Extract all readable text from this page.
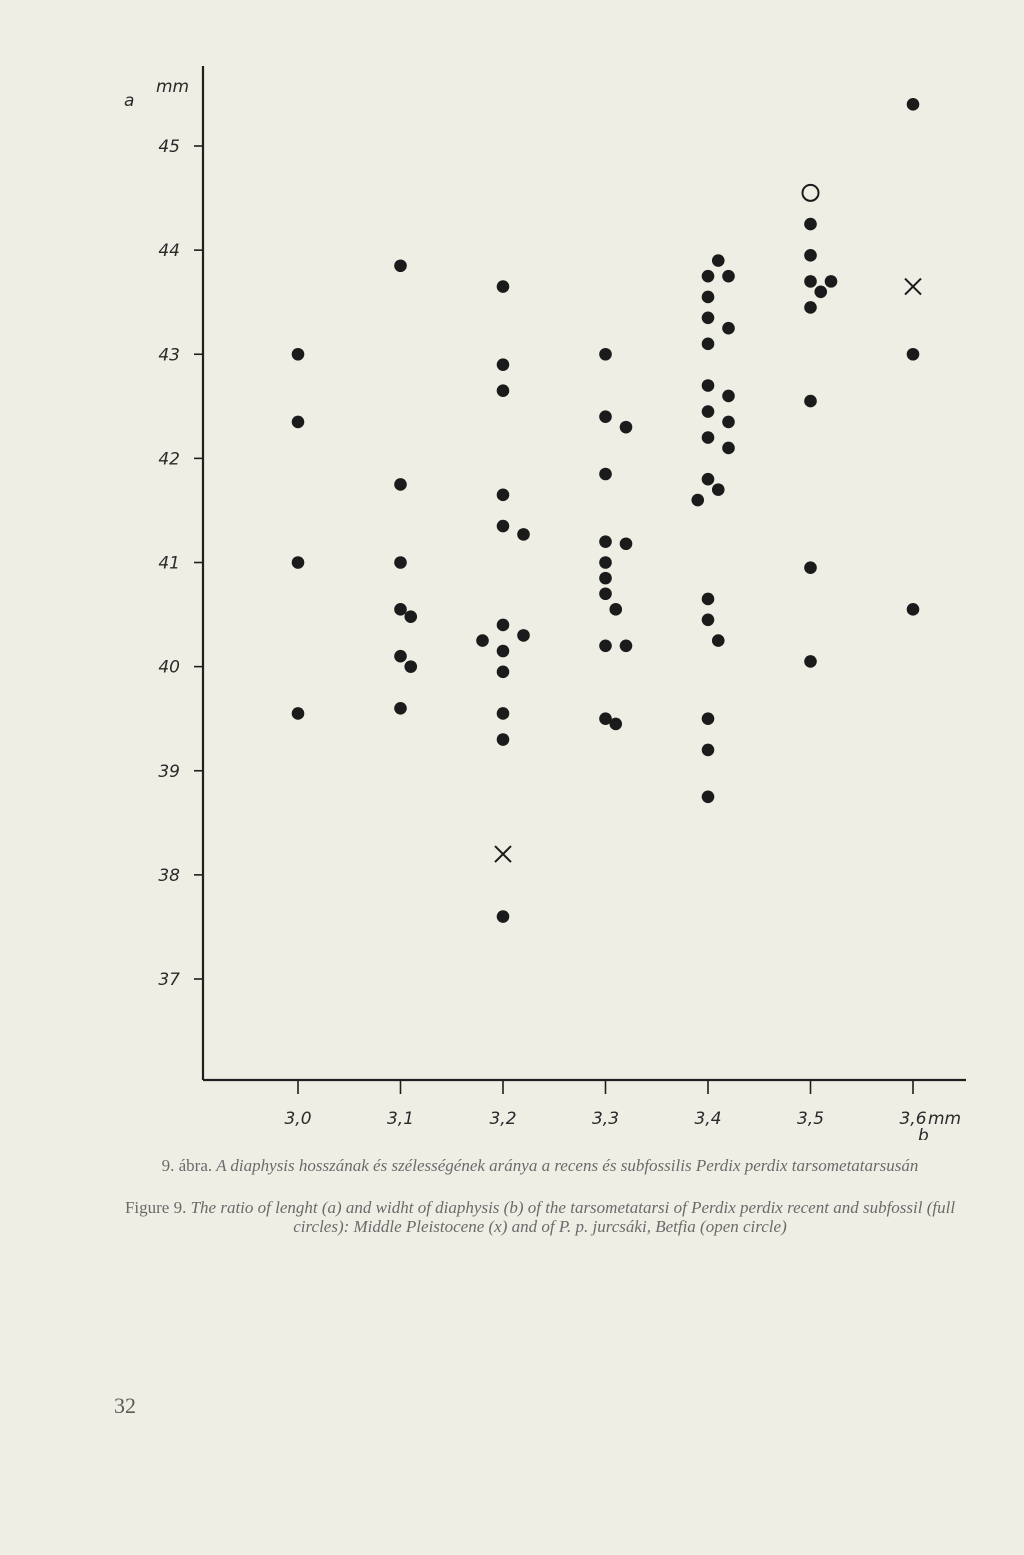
a
mm
45
44
43
42
41
40
39
38
37
3,0	3,1	3,2	3,3	3,4	3,5	3,6 mm
b
9. ábra. A diaphysis hosszának és szélességének aránya a recens és subfossilis Perdix perdix tarsometatarsusán
Figure 9. The ratio of lenght (a) and widht of diaphysis (b) of the tarsometatarsi of Perdix perdix recent and subfossil (full circles): Middle Pleistocene (x) and of P. p. jurcsáki, Betfia (open circle)
32
